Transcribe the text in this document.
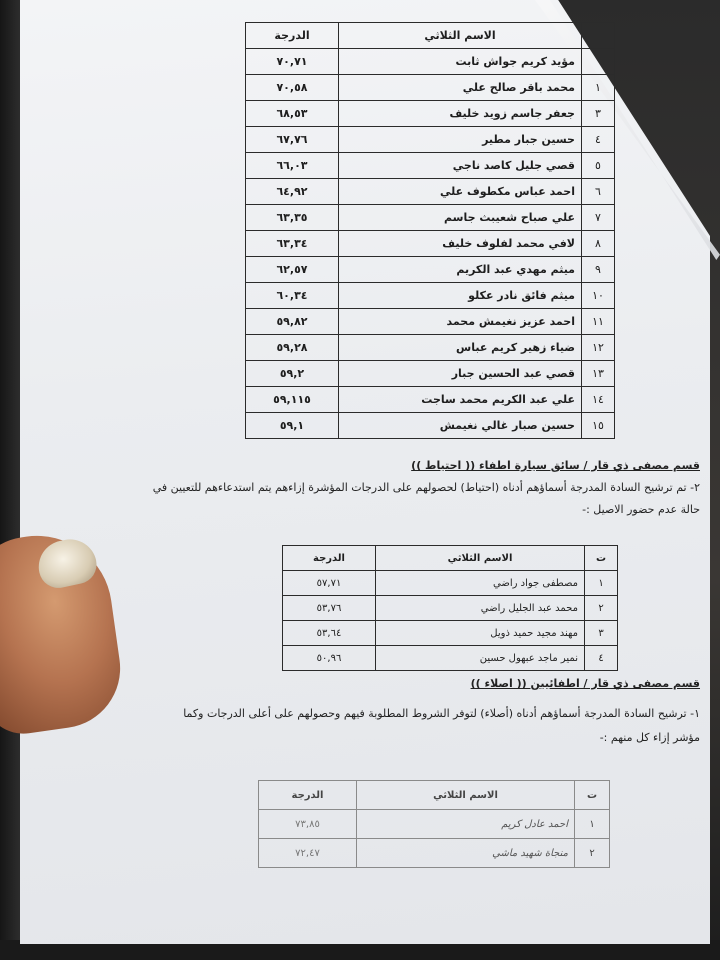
	الاسم الثلاثي	الدرجة
	مؤيد كريم جواش ثابت	٧٠,٧١
١	محمد باقر صالح علي	٧٠,٥٨
٣	جعفر جاسم زويد خليف	٦٨,٥٣
٤	حسين جبار مطير	٦٧,٧٦
٥	قصي جليل كاصد ناجي	٦٦,٠٣
٦	احمد عباس مكطوف علي	٦٤,٩٢
٧	علي صباح شعيبث جاسم	٦٣,٣٥
٨	لافي محمد لفلوف خليف	٦٣,٣٤
٩	ميثم مهدي عبد الكريم	٦٢,٥٧
١٠	ميثم فائق نادر عكلو	٦٠,٣٤
١١	احمد عزيز نغيمش محمد	٥٩,٨٢
١٢	ضياء زهير كريم عباس	٥٩,٢٨
١٣	قصي عبد الحسين جبار	٥٩,٢
١٤	علي عبد الكريم محمد ساجت	٥٩,١١٥
١٥	حسين صبار غالي نغيمش	٥٩,١
قسم مصفى ذي قار / سائق سيارة اطفاء (( احتياط ))
٢- تم ترشيح السادة المدرجة أسماؤهم أدناه (احتياط) لحصولهم على الدرجات المؤشرة إزاءهم يتم استدعاءهم للتعيين في
حالة عدم حضور الاصيل :-
ت	الاسم الثلاثي	الدرجة
١	مصطفى جواد راضي	٥٧,٧١
٢	محمد عبد الجليل راضي	٥٣,٧٦
٣	مهند مجيد حميد ذويل	٥٣,٦٤
٤	نمير ماجد عبهول حسين	٥٠,٩٦
قسم مصفى ذي قار / اطفائيين (( اصلاء ))
١- ترشيح السادة المدرجة أسماؤهم أدناه (أصلاء) لتوفر الشروط المطلوبة فيهم وحصولهم على أعلى الدرجات وكما
مؤشر إزاء كل منهم :-
ت	الاسم الثلاثي	الدرجة
١	احمد عادل كريم	٧٣,٨٥
٢	منجاة شهيد ماشي	٧٢,٤٧
